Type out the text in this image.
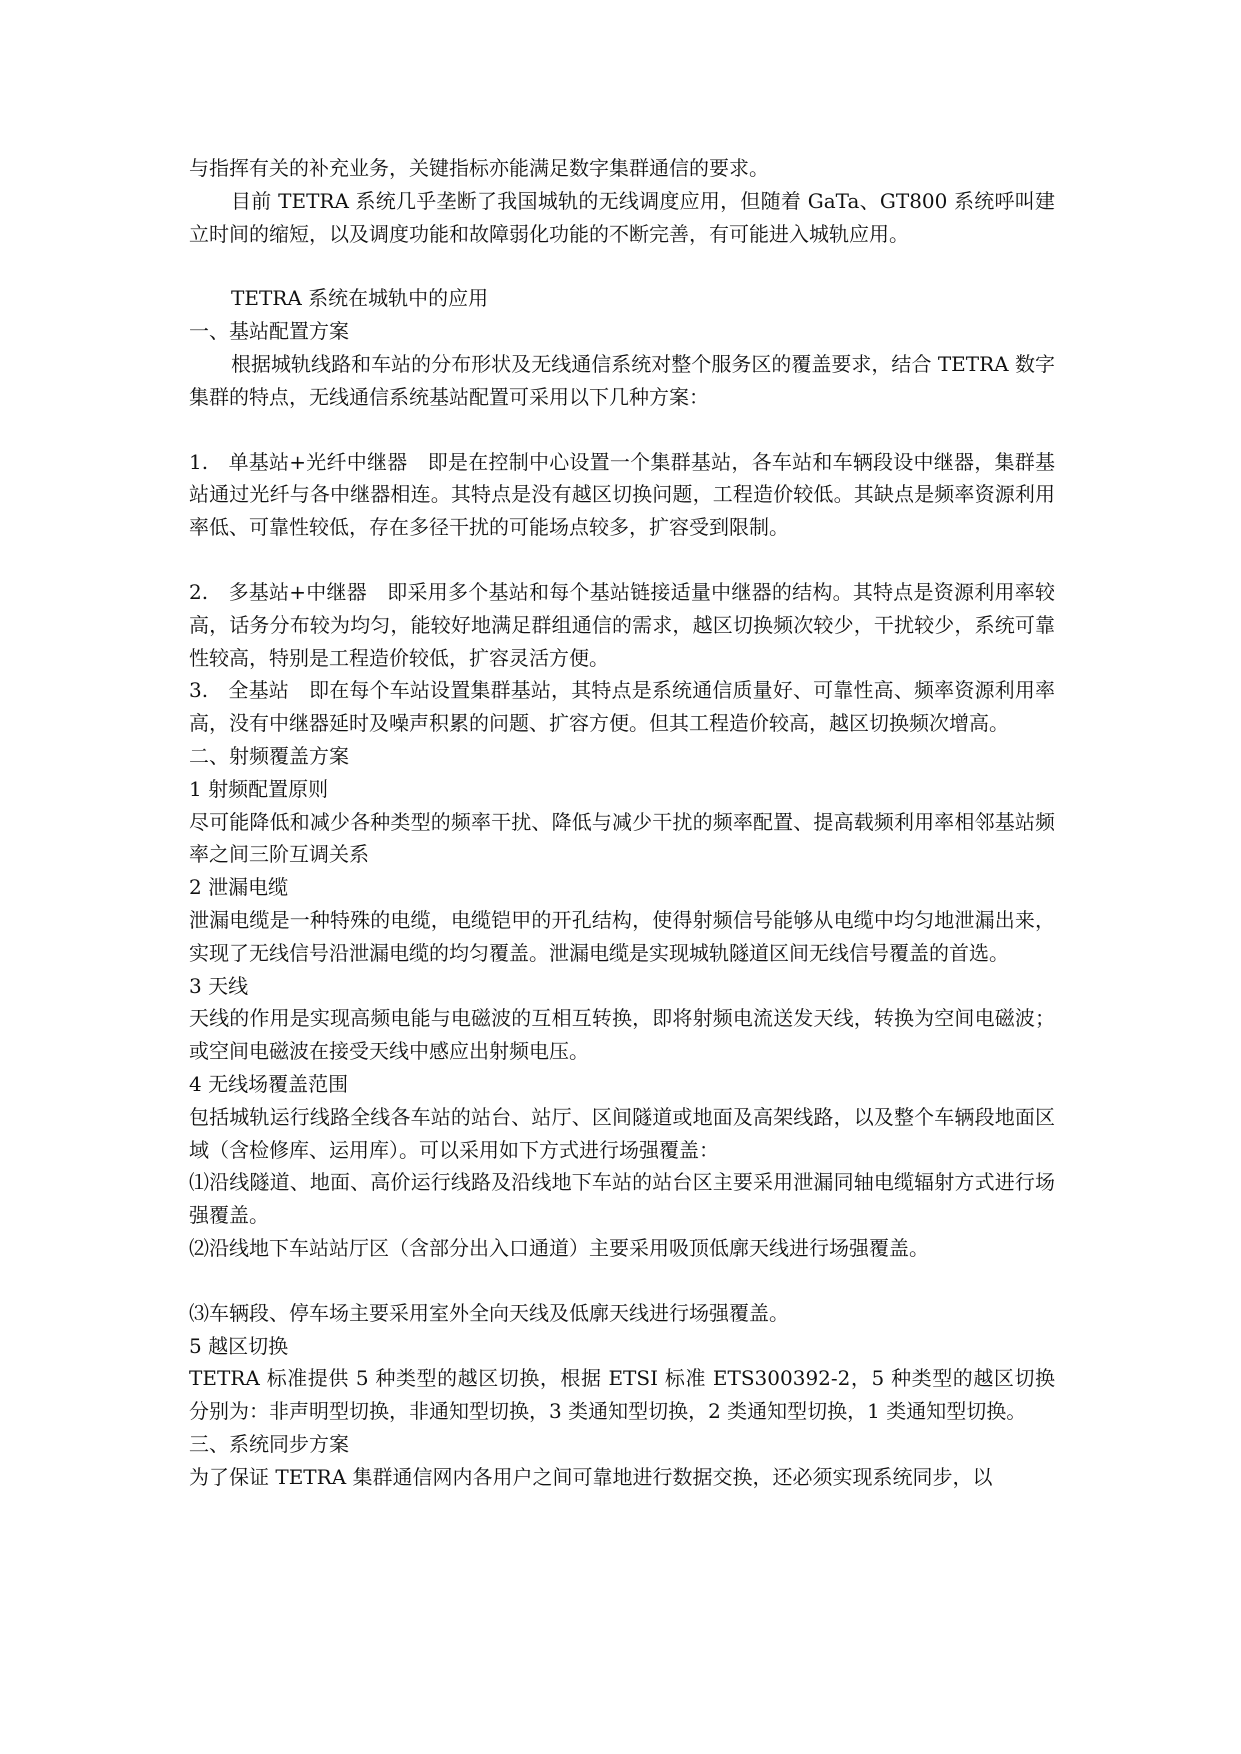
与指挥有关的补充业务，关键指标亦能满足数字集群通信的要求。

目前 TETRA 系统几乎垄断了我国城轨的无线调度应用，但随着 GaTa、GT800 系统呼叫建立时间的缩短，以及调度功能和故障弱化功能的不断完善，有可能进入城轨应用。

TETRA 系统在城轨中的应用

一、基站配置方案

根据城轨线路和车站的分布形状及无线通信系统对整个服务区的覆盖要求，结合 TETRA 数字集群的特点，无线通信系统基站配置可采用以下几种方案：

1.　单基站+光纤中继器　即是在控制中心设置一个集群基站，各车站和车辆段设中继器，集群基站通过光纤与各中继器相连。其特点是没有越区切换问题，工程造价较低。其缺点是频率资源利用率低、可靠性较低，存在多径干扰的可能场点较多，扩容受到限制。

2.　多基站+中继器　即采用多个基站和每个基站链接适量中继器的结构。其特点是资源利用率较高，话务分布较为均匀，能较好地满足群组通信的需求，越区切换频次较少，干扰较少，系统可靠性较高，特别是工程造价较低，扩容灵活方便。

3.　全基站　即在每个车站设置集群基站，其特点是系统通信质量好、可靠性高、频率资源利用率高，没有中继器延时及噪声积累的问题、扩容方便。但其工程造价较高，越区切换频次增高。

二、射频覆盖方案

1 射频配置原则

尽可能降低和减少各种类型的频率干扰、降低与减少干扰的频率配置、提高载频利用率相邻基站频率之间三阶互调关系

2 泄漏电缆

泄漏电缆是一种特殊的电缆，电缆铠甲的开孔结构，使得射频信号能够从电缆中均匀地泄漏出来，实现了无线信号沿泄漏电缆的均匀覆盖。泄漏电缆是实现城轨隧道区间无线信号覆盖的首选。

3 天线

天线的作用是实现高频电能与电磁波的互相互转换，即将射频电流送发天线，转换为空间电磁波；或空间电磁波在接受天线中感应出射频电压。

4 无线场覆盖范围

包括城轨运行线路全线各车站的站台、站厅、区间隧道或地面及高架线路，以及整个车辆段地面区域（含检修库、运用库）。可以采用如下方式进行场强覆盖：

⑴沿线隧道、地面、高价运行线路及沿线地下车站的站台区主要采用泄漏同轴电缆辐射方式进行场强覆盖。

⑵沿线地下车站站厅区（含部分出入口通道）主要采用吸顶低廓天线进行场强覆盖。

⑶车辆段、停车场主要采用室外全向天线及低廓天线进行场强覆盖。

5 越区切换

TETRA 标准提供 5 种类型的越区切换，根据 ETSI 标准 ETS300392-2，5 种类型的越区切换分别为：非声明型切换，非通知型切换，3 类通知型切换，2 类通知型切换，1 类通知型切换。

三、系统同步方案

为了保证 TETRA 集群通信网内各用户之间可靠地进行数据交换，还必须实现系统同步，以
